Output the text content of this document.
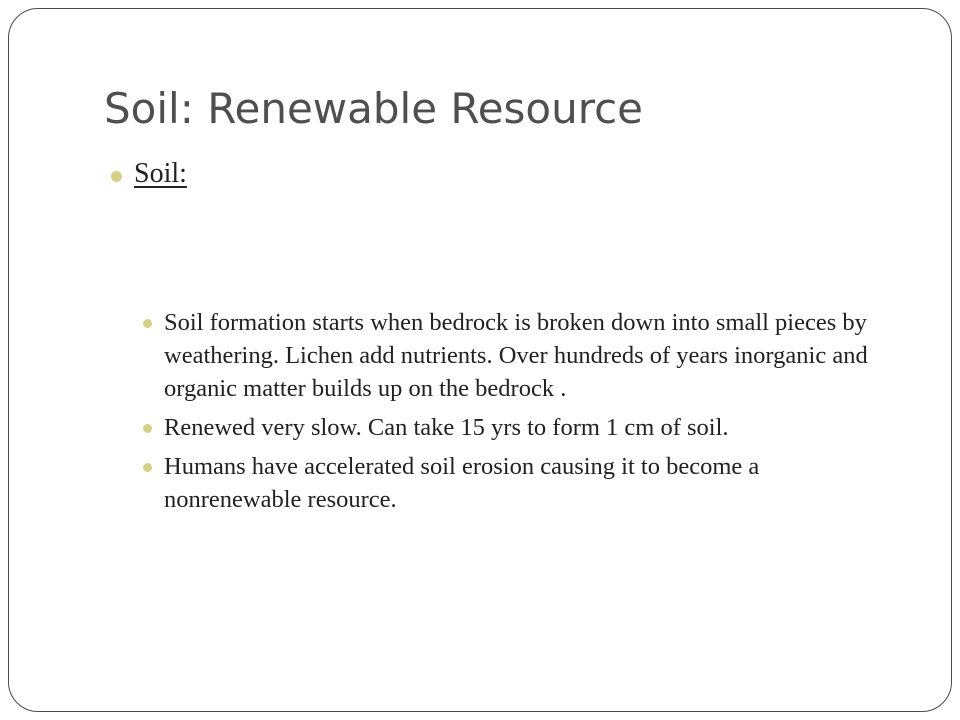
Soil: Renewable Resource
Soil:
Soil formation starts when bedrock is broken down into small pieces by weathering. Lichen add nutrients. Over hundreds of years inorganic and organic matter builds up on the bedrock .
Renewed very slow. Can take 15 yrs to form 1 cm of soil.
Humans have accelerated soil erosion causing it to become a nonrenewable resource.
